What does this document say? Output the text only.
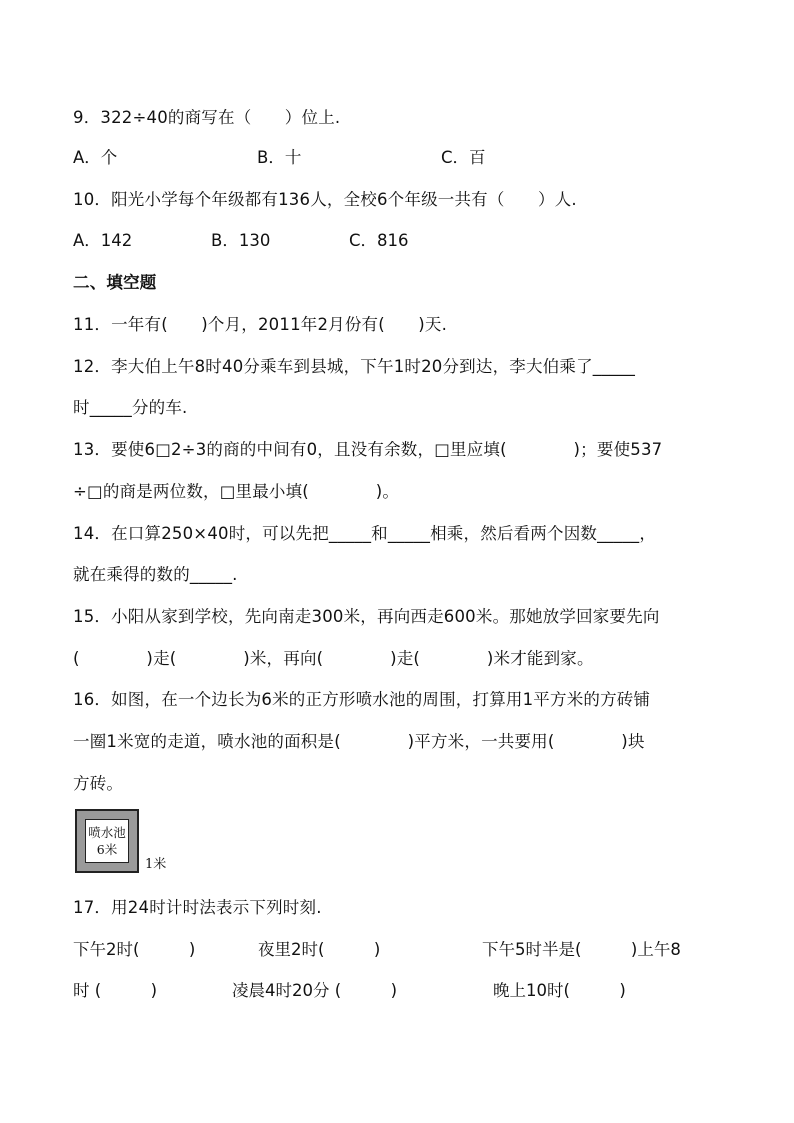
9．322÷40的商写在（　　）位上.
A．个	B．十	C．百
10．阳光小学每个年级都有136人，全校6个年级一共有（　　）人.
A．142	B．130	C．816
二、填空题
11．一年有(　　)个月，2011年2月份有(　　)天.
12．李大伯上午8时40分乘车到县城，下午1时20分到达，李大伯乘了_____
时_____分的车.
13．要使6□2÷3的商的中间有0，且没有余数，□里应填(　　　　)；要使537
÷□的商是两位数，□里最小填(　　　　)。
14．在口算250×40时，可以先把_____和_____相乘，然后看两个因数_____，
就在乘得的数的_____.
15．小阳从家到学校，先向南走300米，再向西走600米。那她放学回家要先向
(　　　　)走(　　　　)米，再向(　　　　)走(　　　　)米才能到家。
16．如图，在一个边长为6米的正方形喷水池的周围，打算用1平方米的方砖铺
一圈1米宽的走道，喷水池的面积是(　　　　)平方米，一共要用(　　　　)块
方砖。
喷水池
6米
1米
17．用24时计时法表示下列时刻.
下午2时(　　　)	夜里2时(　　　)	下午5时半是(　　　)上午8
时 (　　　)	凌晨4时20分 (　　　)	晚上10时(　　　)
